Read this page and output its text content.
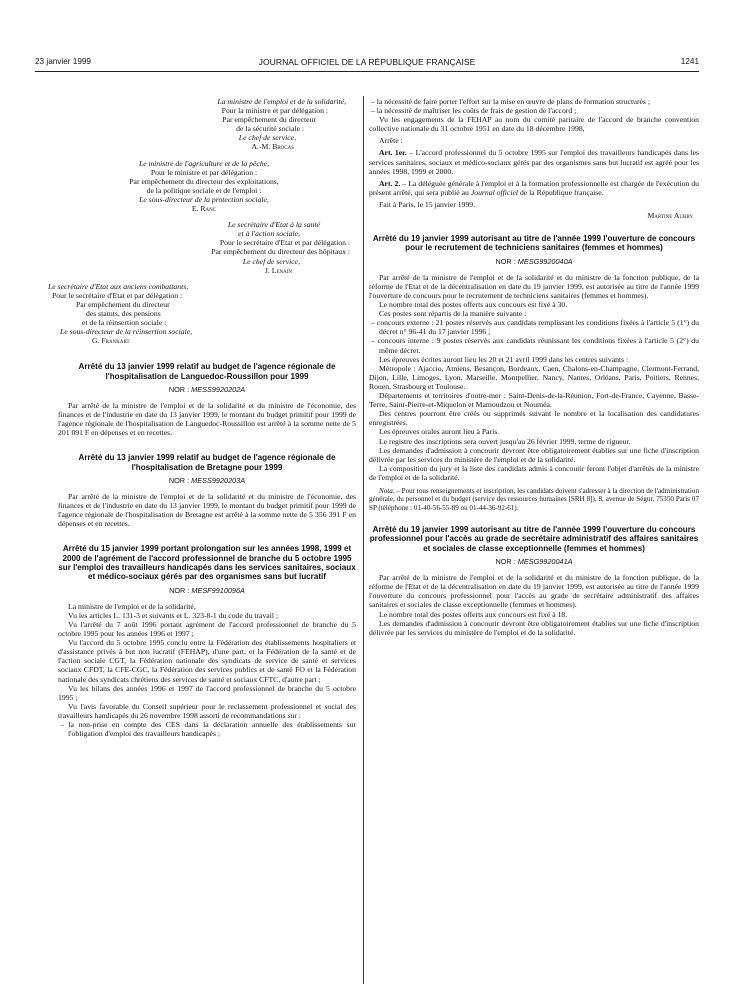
23 janvier 1999	JOURNAL OFFICIEL DE LA RÉPUBLIQUE FRANÇAISE	1241

La ministre de l'emploi et de la solidarité,

Pour la ministre et par délégation :

Par empêchement du directeur

de la sécurité sociale :

Le chef de service,

A.-M. Brocas

Le ministre de l'agriculture et de la pêche,

Pour le ministre et par délégation :

Par empêchement du directeur des exploitations,

de la politique sociale et de l'emploi :

Le sous-directeur de la protection sociale,

E. Ranc

Le secrétaire d'Etat à la santé

et à l'action sociale,

Pour le secrétaire d'Etat et par délégation :

Par empêchement du directeur des hôpitaux :

Le chef de service,

J. Lenain

Le secrétaire d'Etat aux anciens combattants,

Pour le secrétaire d'Etat et par délégation :

Par empêchement du directeur

des statuts, des pensions

et de la réinsertion sociale :

Le sous-directeur de la réinsertion sociale,

G. Frankart

Arrêté du 13 janvier 1999 relatif au budget de l'agence régionale de l'hospitalisation de Languedoc-Roussillon pour 1999
NOR : MESS9920202A

Par arrêté de la ministre de l'emploi et de la solidarité et du ministre de l'économie, des finances et de l'industrie en date du 13 janvier 1999, le montant du budget primitif pour 1999 de l'agence régionale de l'hospitalisation de Languedoc-Roussillon est arrêté à la somme nette de 5 201 091 F en dépenses et en recettes.

Arrêté du 13 janvier 1999 relatif au budget de l'agence régionale de l'hospitalisation de Bretagne pour 1999
NOR : MESS9920203A

Par arrêté de la ministre de l'emploi et de la solidarité et du ministre de l'économie, des finances et de l'industrie en date du 13 janvier 1999, le montant du budget primitif pour 1999 de l'agence régionale de l'hospitalisation de Bretagne est arrêté à la somme nette de 5 356 391 F en dépenses et en recettes.

Arrêté du 15 janvier 1999 portant prolongation sur les années 1998, 1999 et 2000 de l'agrément de l'accord professionnel de branche du 5 octobre 1995 sur l'emploi des travailleurs handicapés dans les services sanitaires, sociaux et médico-sociaux gérés par des organismes sans but lucratif
NOR : MESF9910096A

La ministre de l'emploi et de la solidarité,

Vu les articles L. 131-3 et suivants et L. 323-8-1 du code du travail ;

Vu l'arrêté du 7 août 1996 portant agrément de l'accord professionnel de branche du 5 octobre 1995 pour les années 1996 et 1997 ;

Vu l'accord du 5 octobre 1995 conclu entre la Fédération des établissements hospitaliers et d'assistance privés à but non lucratif (FEHAP), d'une part, et la Fédération de la santé et de l'action sociale CGT, la Fédération nationale des syndicats de service de santé et services sociaux CFDT, la CFE-CGC, la Fédération des services publics et de santé FO et la Fédération nationale des syndicats chrétiens des services de santé et sociaux CFTC, d'autre part ;

Vu les bilans des années 1996 et 1997 de l'accord professionnel de branche du 5 octobre 1995 ;

Vu l'avis favorable du Conseil supérieur pour le reclassement professionnel et social des travailleurs handicapés du 26 novembre 1998 assorti de recommandations sur :

– la non-prise en compte des CES dans la déclaration annuelle des établissements sur l'obligation d'emploi des travailleurs handicapés ;

– la nécessité de faire porter l'effort sur la mise en œuvre de plans de formation structurés ;

– la nécessité de maîtriser les coûts de frais de gestion de l'accord ;

Vu les engagements de la FEHAP au nom du comité paritaire de l'accord de branche convention collective nationale du 31 octobre 1951 en date du 18 décembre 1998,

Arrête :

Art. 1er. – L'accord professionnel du 5 octobre 1995 sur l'emploi des travailleurs handicapés dans les services sanitaires, sociaux et médico-sociaux gérés par des organismes sans but lucratif est agréé pour les années 1998, 1999 et 2000.

Art. 2. – La déléguée générale à l'emploi et à la formation professionnelle est chargée de l'exécution du présent arrêté, qui sera publié au Journal officiel de la République française.

Fait à Paris, le 15 janvier 1999.

Martine Aubry

Arrêté du 19 janvier 1999 autorisant au titre de l'année 1999 l'ouverture de concours pour le recrutement de techniciens sanitaires (femmes et hommes)
NOR : MESG9920040A

Par arrêté de la ministre de l'emploi et de la solidarité et du ministre de la fonction publique, de la réforme de l'Etat et de la décentralisation en date du 19 janvier 1999, est autorisée au titre de l'année 1999 l'ouverture de concours pour le recrutement de techniciens sanitaires (femmes et hommes).

Le nombre total des postes offerts aux concours est fixé à 30.

Ces postes sont répartis de la manière suivante :

– concours externe : 21 postes réservés aux candidats remplissant les conditions fixées à l'article 5 (1°) du décret n° 96-41 du 17 janvier 1996 ;

– concours interne : 9 postes réservés aux candidats réunissant les conditions fixées à l'article 5 (2°) du même décret.

Les épreuves écrites auront lieu les 20 et 21 avril 1999 dans les centres suivants :

Métropole : Ajaccio, Amiens, Besançon, Bordeaux, Caen, Chalons-en-Champagne, Clermont-Ferrand, Dijon, Lille, Limoges, Lyon, Marseille, Montpellier, Nancy, Nantes, Orléans, Paris, Poitiers, Rennes, Rouen, Strasbourg et Toulouse.

Départements et territoires d'outre-mer : Saint-Denis-de-la-Réunion, Fort-de-France, Cayenne, Basse-Terre, Saint-Pierre-et-Miquelon et Mamoudzou et Nouméa.

Des centres pourront être créés ou supprimés suivant le nombre et la localisation des candidatures enregistrées.

Les épreuves orales auront lieu à Paris.

Le registre des inscriptions sera ouvert jusqu'au 26 février 1999, terme de rigueur.

Les demandes d'admission à concourir devront être obligatoirement établies sur une fiche d'inscription délivrée par les services du ministère de l'emploi et de la solidarité.

La composition du jury et la liste des candidats admis à concourir feront l'objet d'arrêtés de la ministre de l'emploi et de la solidarité.

Nota. – Pour tous renseignements et inscription, les candidats doivent s'adresser à la direction de l'administration générale, du personnel et du budget (service des ressources humaines [SRH 8]), 8, avenue de Ségur, 75350 Paris 07 SP (téléphone : 01-40-56-55-89 ou 01-44-36-92-61).

Arrêté du 19 janvier 1999 autorisant au titre de l'année 1999 l'ouverture du concours professionnel pour l'accès au grade de secrétaire administratif des affaires sanitaires et sociales de classe exceptionnelle (femmes et hommes)
NOR : MESG9920041A

Par arrêté de la ministre de l'emploi et de la solidarité et du ministre de la fonction publique, de la réforme de l'Etat et de la décentralisation en date du 19 janvier 1999, est autorisée au titre de l'année 1999 l'ouverture du concours professionnel pour l'accès au grade de secrétaire administratif des affaires sanitaires et sociales de classe exceptionnelle (femmes et hommes).

Le nombre total des postes offerts aux concours est fixé à 18.

Les demandes d'admission à concourir devront être obligatoirement établies sur une fiche d'inscription délivrée par les services du ministère de l'emploi et de la solidarité.
